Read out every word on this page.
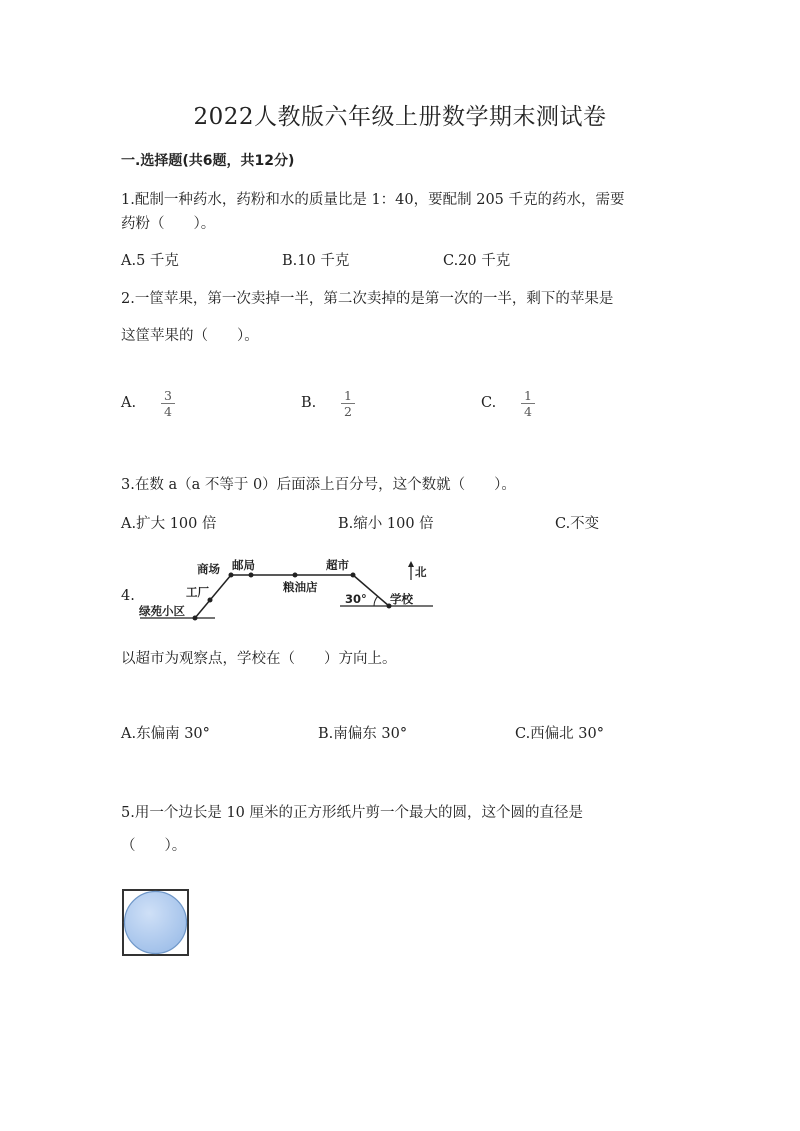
2022人教版六年级上册数学期末测试卷
一.选择题(共6题，共12分)
1.配制一种药水，药粉和水的质量比是 1：40，要配制 205 千克的药水，需要
药粉（　　）。
A.5 千克	B.10 千克	C.20 千克
2.一筐苹果，第一次卖掉一半，第二次卖掉的是第一次的一半，剩下的苹果是
这筐苹果的（　　）。
A. 3
4
B. 1
2
C. 1
4
3.在数 a（a 不等于 0）后面添上百分号，这个数就（　　）。
A.扩大 100 倍	B.缩小 100 倍	C.不变
4.
商场 邮局	超市
工厂	粮油店
绿苑小区
学校
北
30°
以超市为观察点，学校在（　　）方向上。
A.东偏南 30°	B.南偏东 30°	C.西偏北 30°
5.用一个边长是 10 厘米的正方形纸片剪一个最大的圆，这个圆的直径是
（　　）。
